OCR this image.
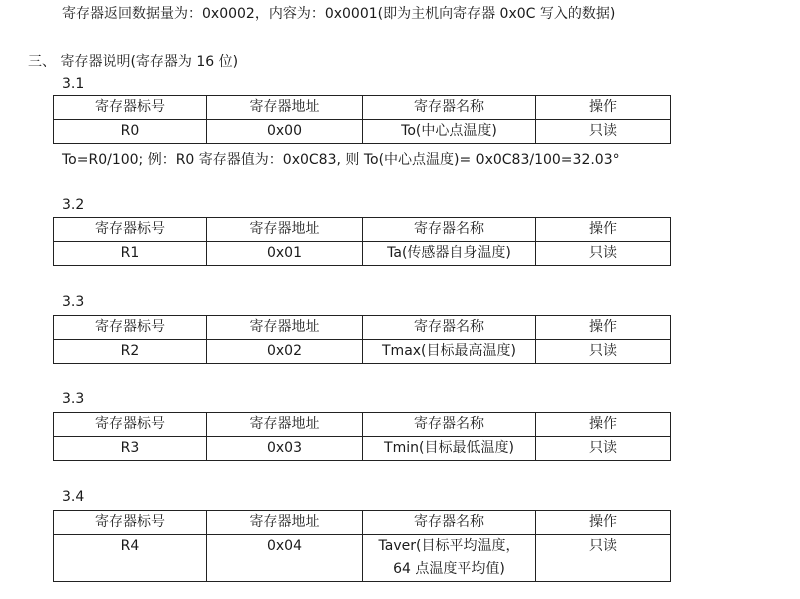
寄存器返回数据量为：0x0002，内容为：0x0001(即为主机向寄存器 0x0C 写入的数据)
三、 寄存器说明(寄存器为 16 位)
3.1
寄存器标号	寄存器地址	寄存器名称	操作
R0	0x00	To(中心点温度)	只读
To=R0/100; 例：R0 寄存器值为：0x0C83, 则 To(中心点温度)= 0x0C83/100=32.03°
3.2
寄存器标号	寄存器地址	寄存器名称	操作
R1	0x01	Ta(传感器自身温度)	只读
3.3
寄存器标号	寄存器地址	寄存器名称	操作
R2	0x02	Tmax(目标最高温度)	只读
3.3
寄存器标号	寄存器地址	寄存器名称	操作
R3	0x03	Tmin(目标最低温度)	只读
3.4
寄存器标号	寄存器地址	寄存器名称	操作
R4	0x04	Taver(目标平均温度，
64 点温度平均值)	只读
